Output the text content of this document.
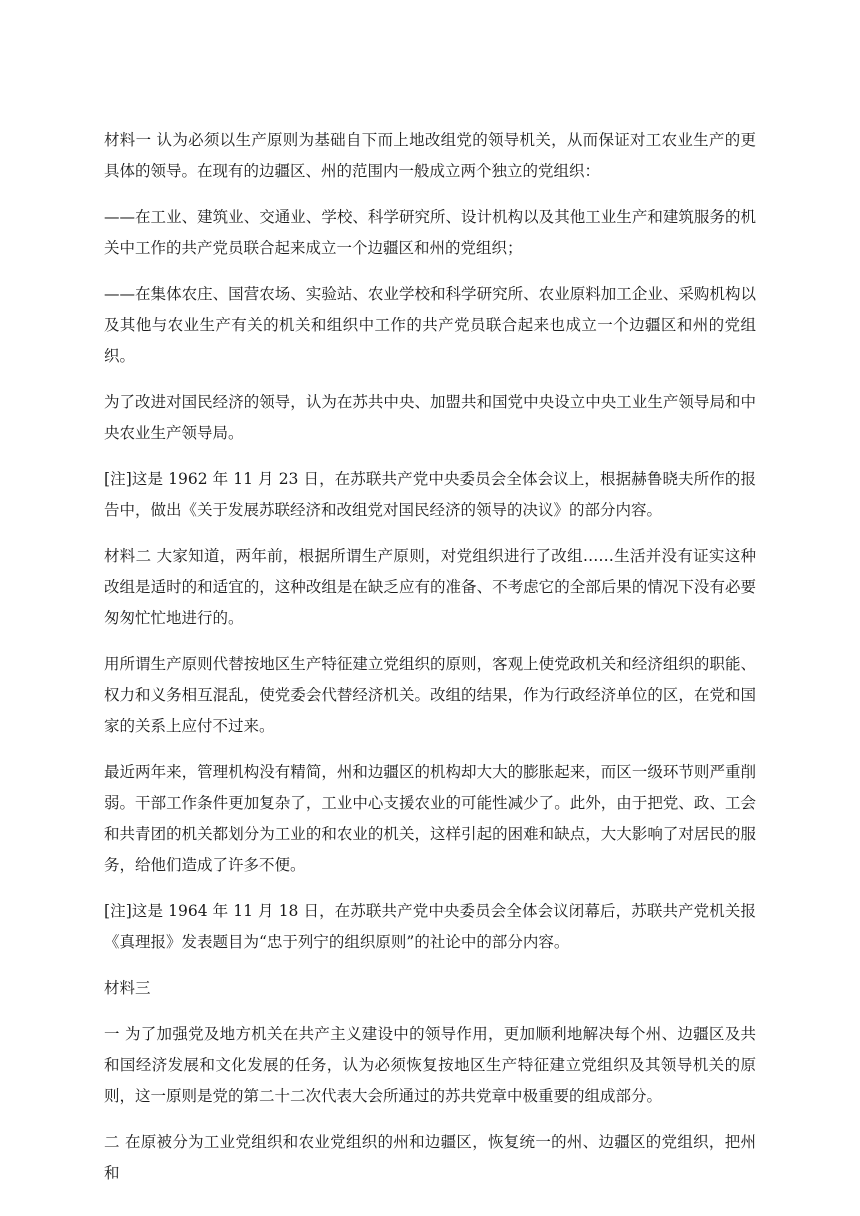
材料一 认为必须以生产原则为基础自下而上地改组党的领导机关，从而保证对工农业生产的更具体的领导。在现有的边疆区、州的范围内一般成立两个独立的党组织：

——在工业、建筑业、交通业、学校、科学研究所、设计机构以及其他工业生产和建筑服务的机关中工作的共产党员联合起来成立一个边疆区和州的党组织；

——在集体农庄、国营农场、实验站、农业学校和科学研究所、农业原料加工企业、采购机构以及其他与农业生产有关的机关和组织中工作的共产党员联合起来也成立一个边疆区和州的党组织。

为了改进对国民经济的领导，认为在苏共中央、加盟共和国党中央设立中央工业生产领导局和中央农业生产领导局。

[注]这是 1962 年 11 月 23 日，在苏联共产党中央委员会全体会议上，根据赫鲁晓夫所作的报告中，做出《关于发展苏联经济和改组党对国民经济的领导的决议》的部分内容。

材料二 大家知道，两年前，根据所谓生产原则，对党组织进行了改组……生活并没有证实这种改组是适时的和适宜的，这种改组是在缺乏应有的准备、不考虑它的全部后果的情况下没有必要匆匆忙忙地进行的。

用所谓生产原则代替按地区生产特征建立党组织的原则，客观上使党政机关和经济组织的职能、权力和义务相互混乱，使党委会代替经济机关。改组的结果，作为行政经济单位的区，在党和国家的关系上应付不过来。

最近两年来，管理机构没有精简，州和边疆区的机构却大大的膨胀起来，而区一级环节则严重削弱。干部工作条件更加复杂了，工业中心支援农业的可能性减少了。此外，由于把党、政、工会和共青团的机关都划分为工业的和农业的机关，这样引起的困难和缺点，大大影响了对居民的服务，给他们造成了许多不便。

[注]这是 1964 年 11 月 18 日，在苏联共产党中央委员会全体会议闭幕后，苏联共产党机关报《真理报》发表题目为“忠于列宁的组织原则”的社论中的部分内容。

材料三

一 为了加强党及地方机关在共产主义建设中的领导作用，更加顺利地解决每个州、边疆区及共和国经济发展和文化发展的任务，认为必须恢复按地区生产特征建立党组织及其领导机关的原则，这一原则是党的第二十二次代表大会所通过的苏共党章中极重要的组成部分。

二 在原被分为工业党组织和农业党组织的州和边疆区，恢复统一的州、边疆区的党组织，把州和
